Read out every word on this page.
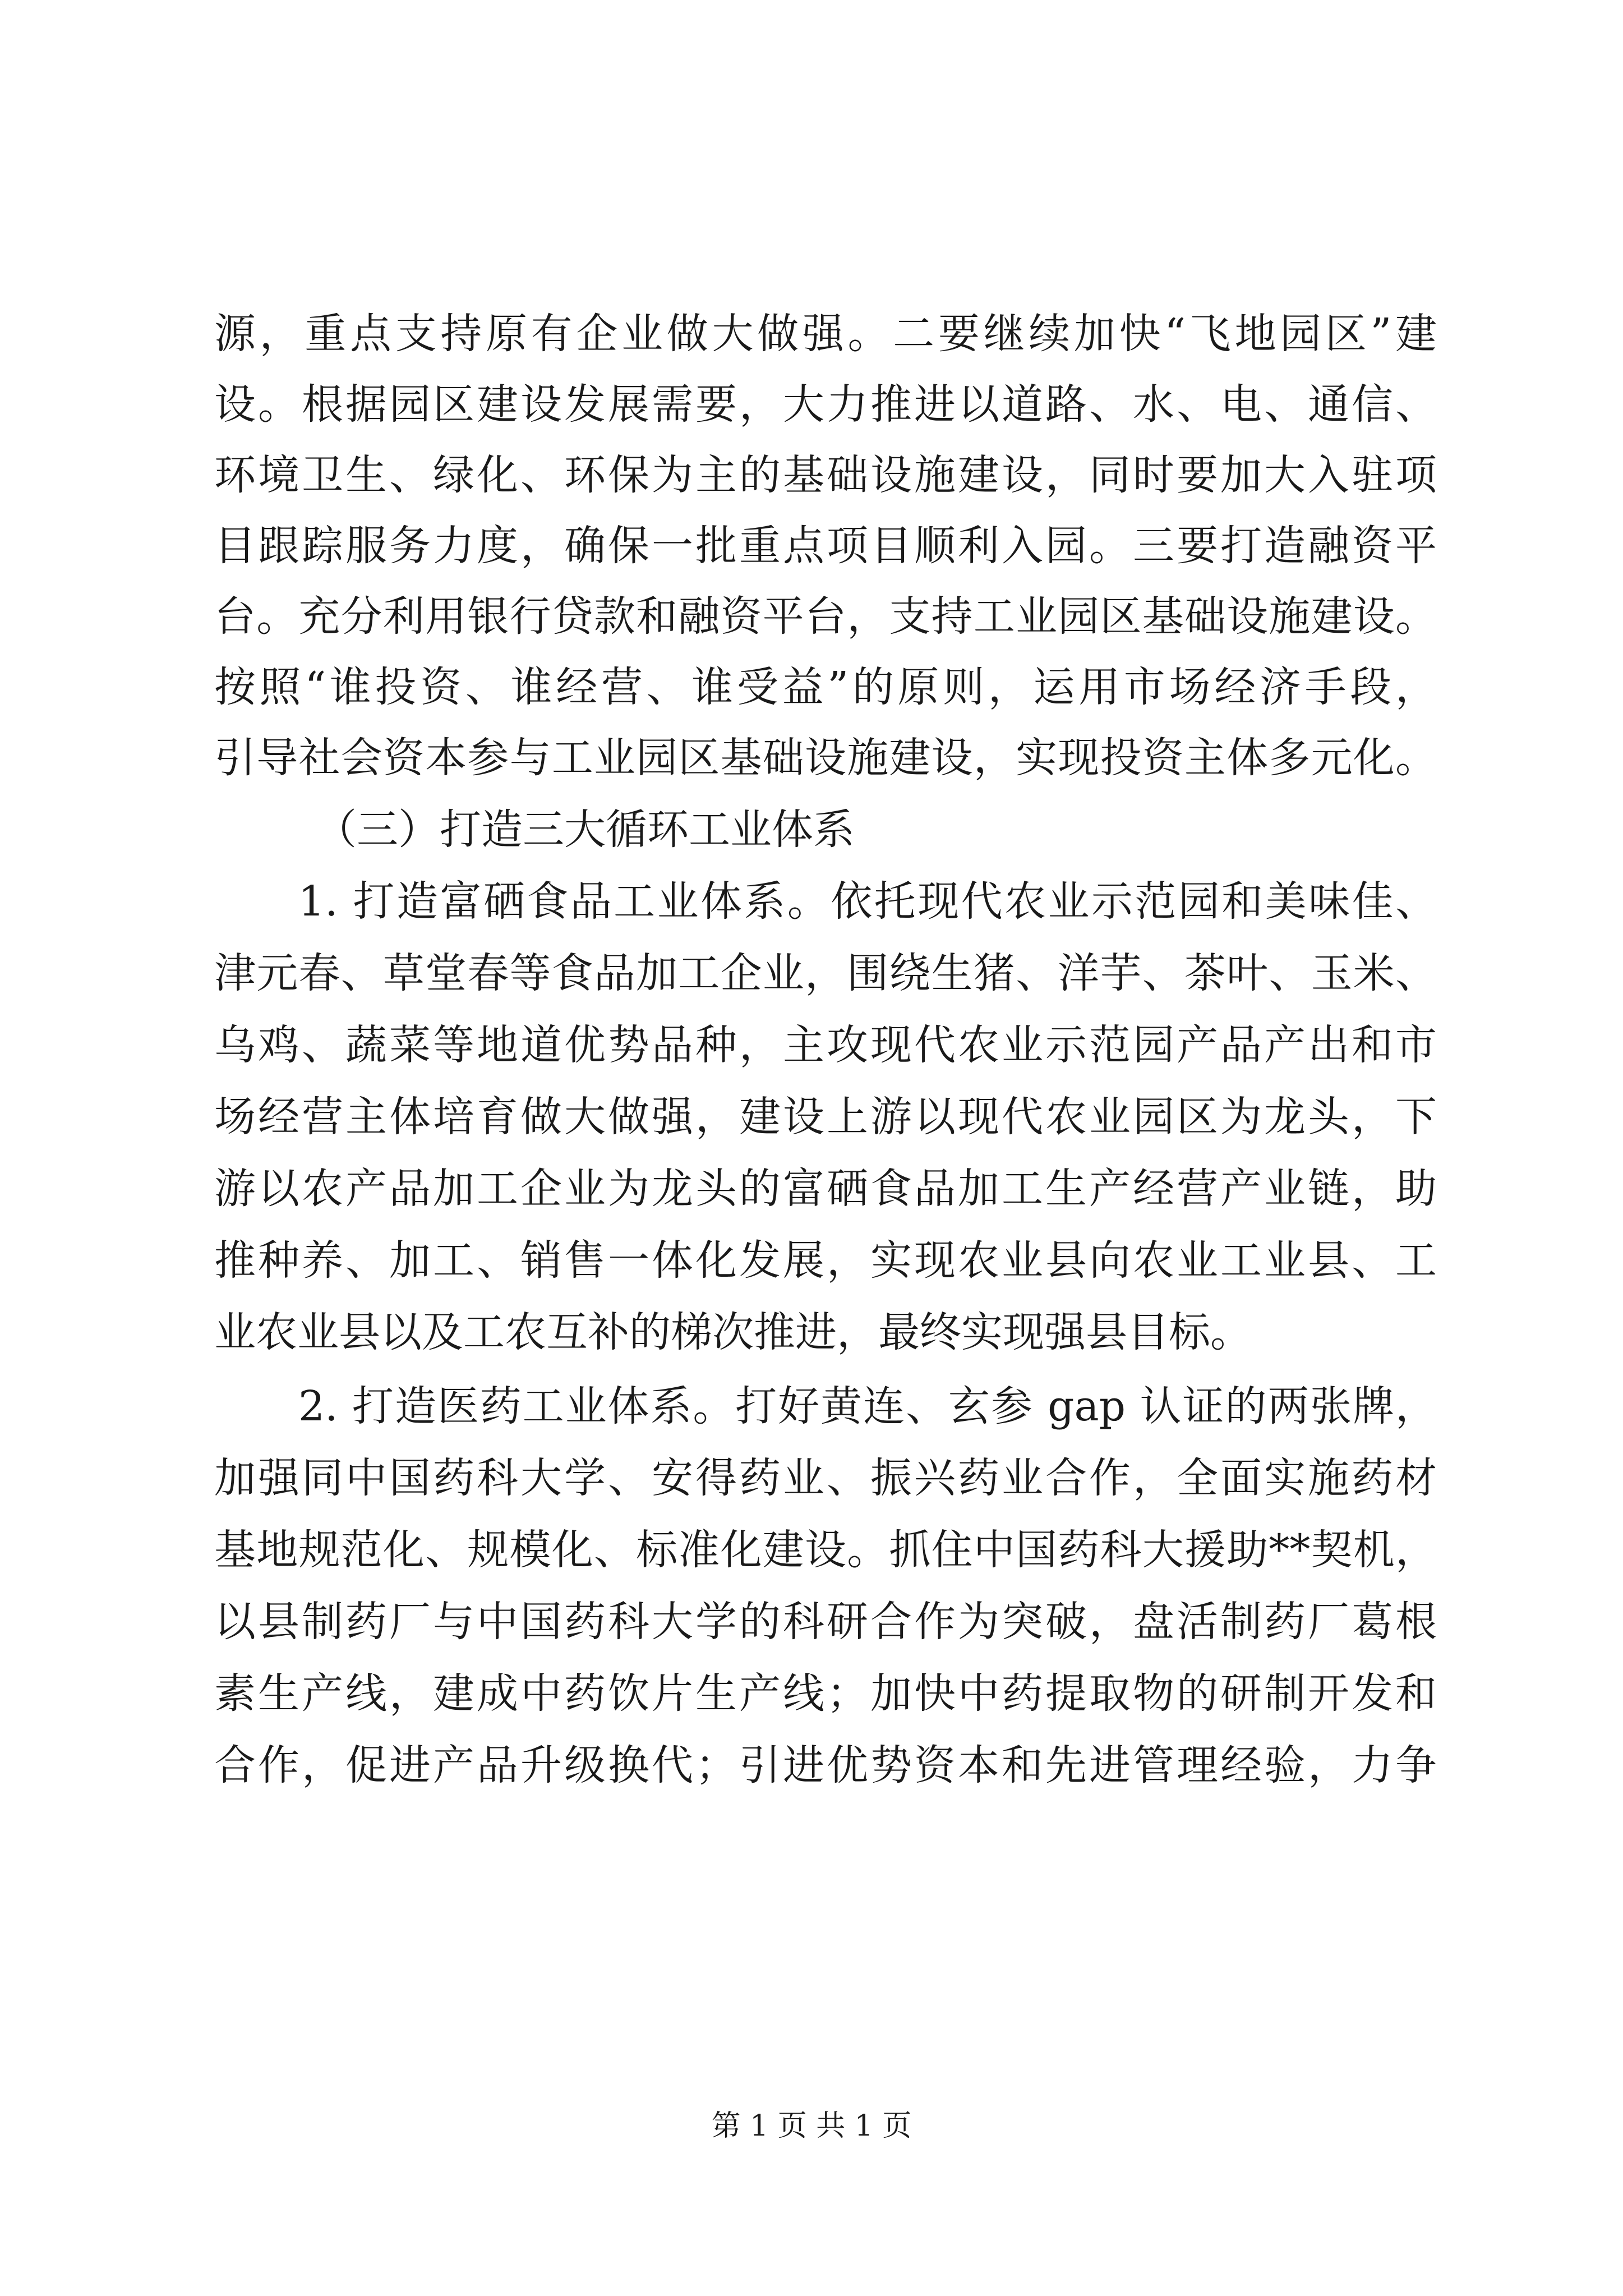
源，重点支持原有企业做大做强。二要继续加快“飞地园区”建
设。根据园区建设发展需要，大力推进以道路、水、电、通信、
环境卫生、绿化、环保为主的基础设施建设，同时要加大入驻项
目跟踪服务力度，确保一批重点项目顺利入园。三要打造融资平
台。充分利用银行贷款和融资平台，支持工业园区基础设施建设。
按照“谁投资、谁经营、谁受益”的原则，运用市场经济手段，
引导社会资本参与工业园区基础设施建设，实现投资主体多元化。
（三）打造三大循环工业体系
1. 打造富硒食品工业体系。依托现代农业示范园和美味佳、
津元春、草堂春等食品加工企业，围绕生猪、洋芋、茶叶、玉米、
乌鸡、蔬菜等地道优势品种，主攻现代农业示范园产品产出和市
场经营主体培育做大做强，建设上游以现代农业园区为龙头，下
游以农产品加工企业为龙头的富硒食品加工生产经营产业链，助
推种养、加工、销售一体化发展，实现农业县向农业工业县、工
业农业县以及工农互补的梯次推进，最终实现强县目标。
2. 打造医药工业体系。打好黄连、玄参 gap 认证的两张牌，
加强同中国药科大学、安得药业、振兴药业合作，全面实施药材
基地规范化、规模化、标准化建设。抓住中国药科大援助**契机，
以县制药厂与中国药科大学的科研合作为突破，盘活制药厂葛根
素生产线，建成中药饮片生产线；加快中药提取物的研制开发和
合作，促进产品升级换代；引进优势资本和先进管理经验，力争
第 1 页 共 1 页
